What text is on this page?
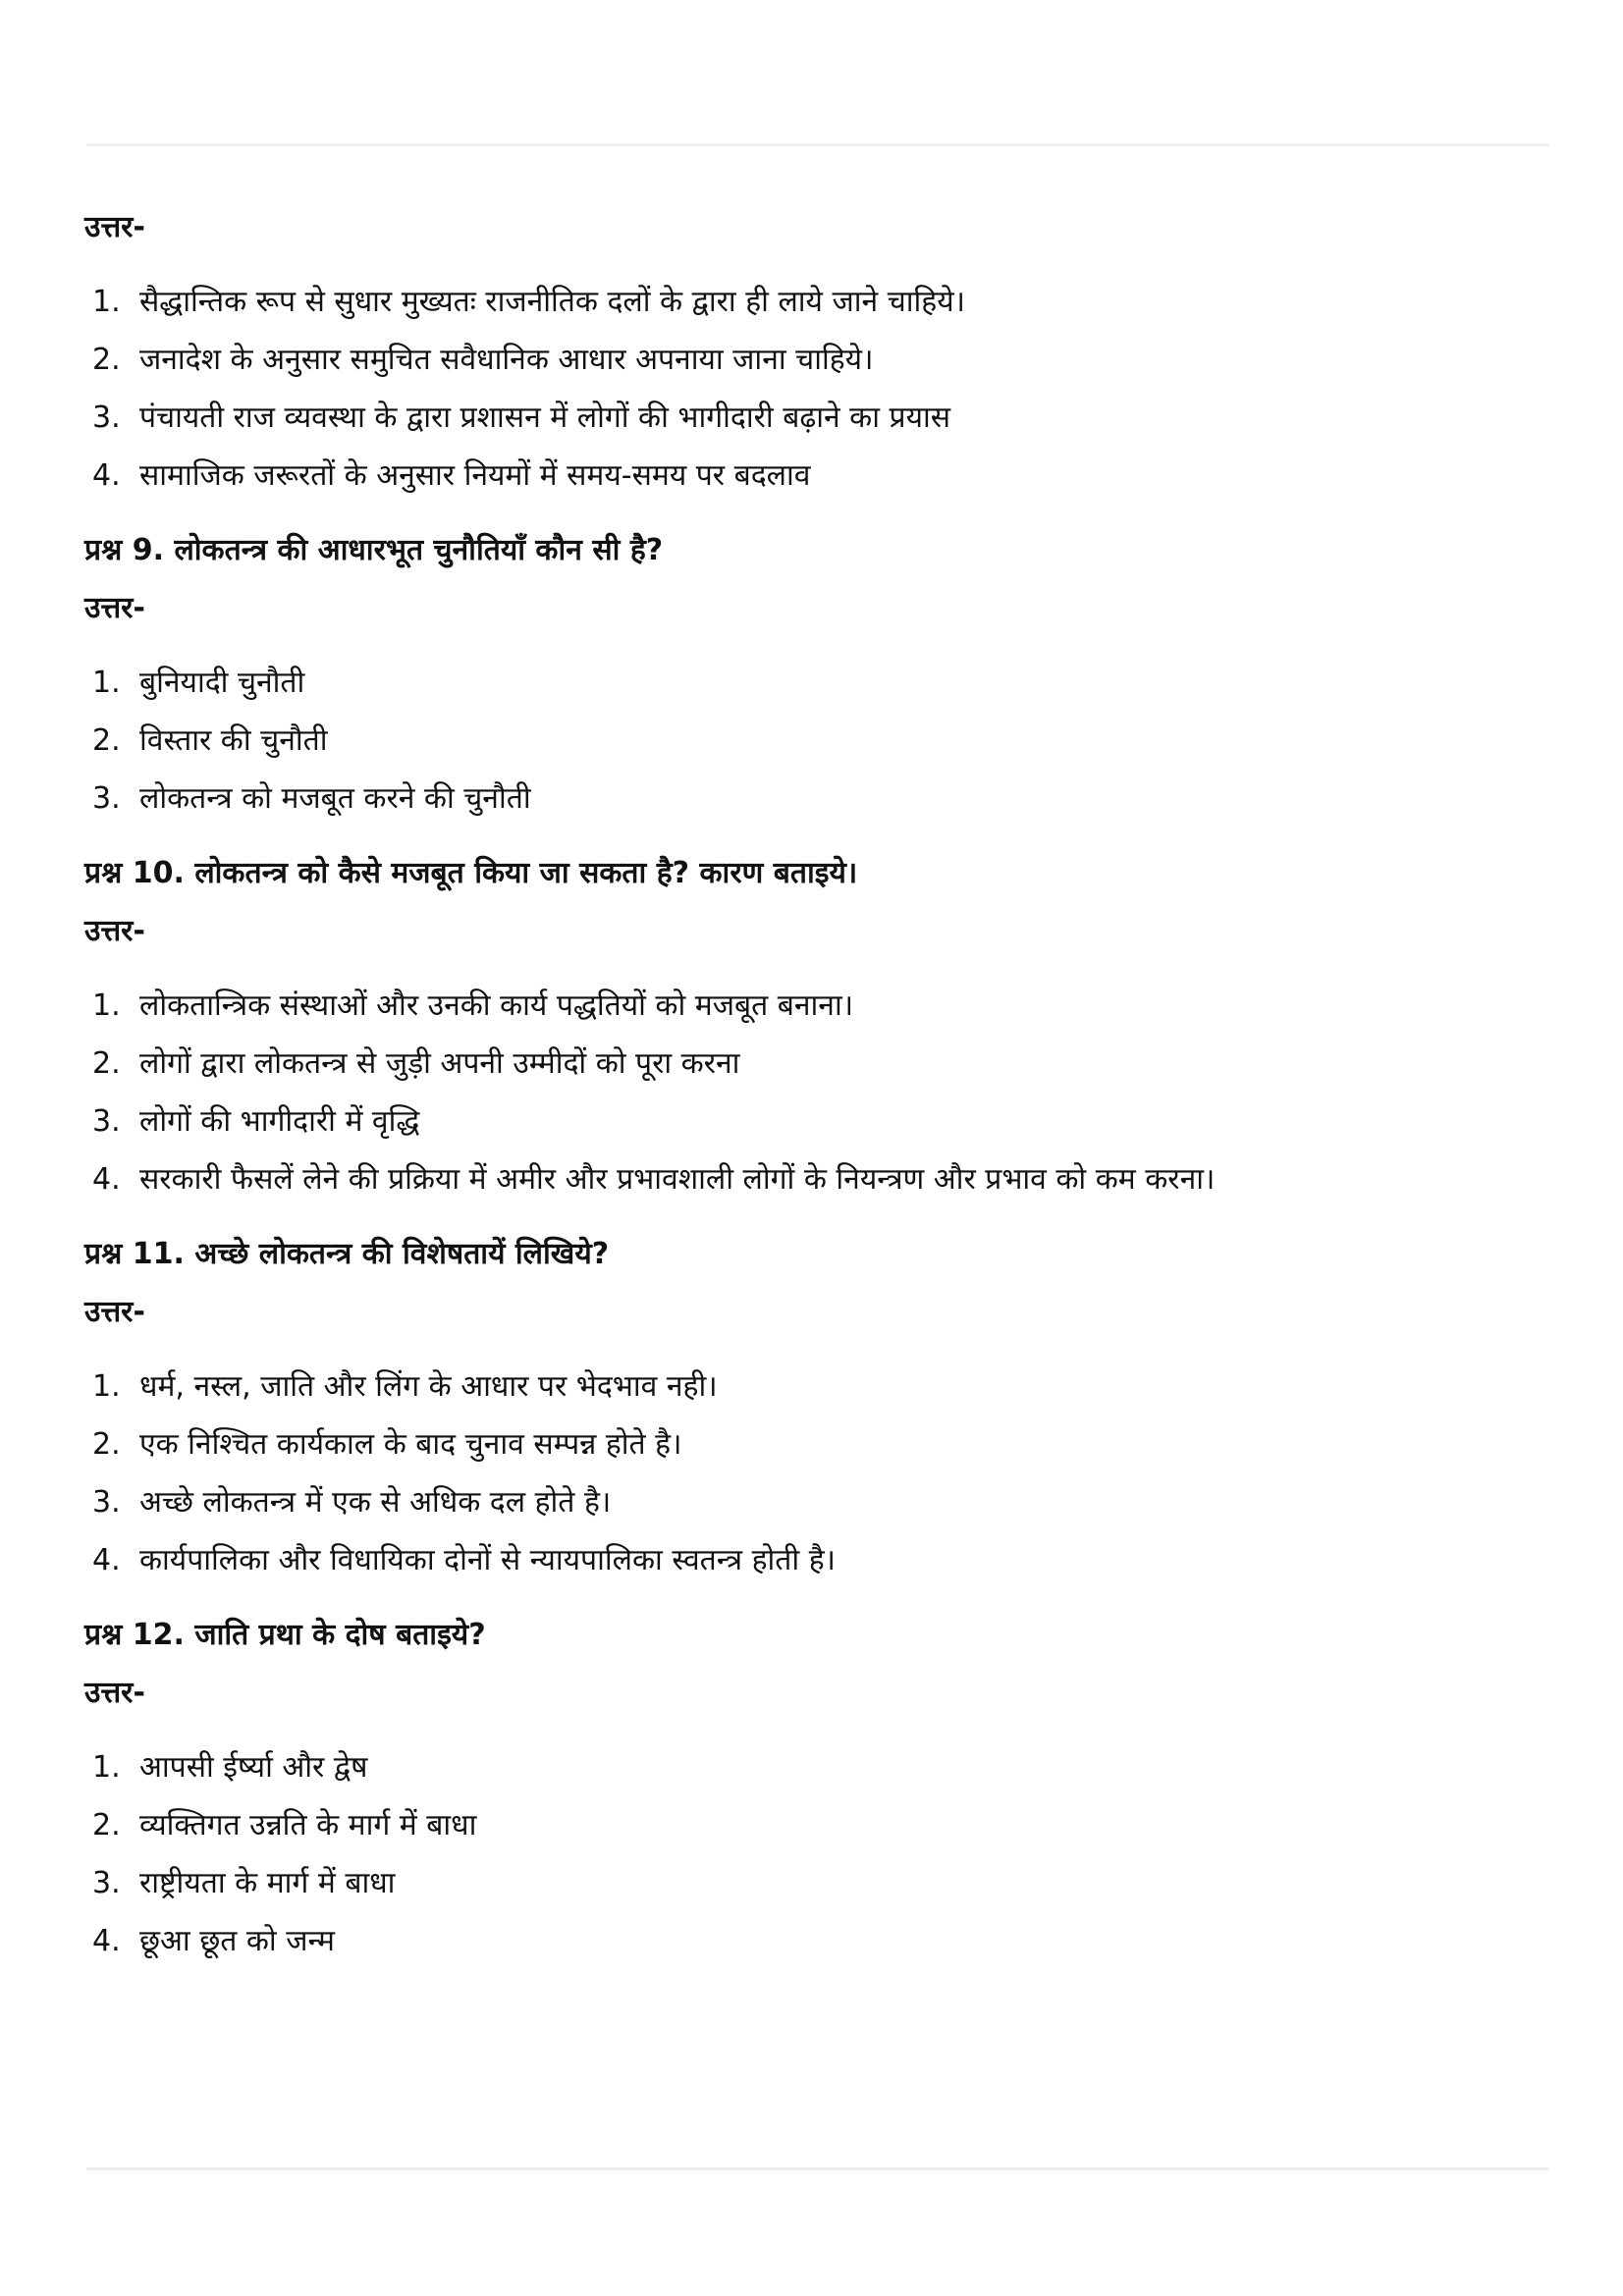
उत्तर-
1. सैद्धान्तिक रूप से सुधार मुख्यतः राजनीतिक दलों के द्वारा ही लाये जाने चाहिये।
2. जनादेश के अनुसार समुचित सवैधानिक आधार अपनाया जाना चाहिये।
3. पंचायती राज व्यवस्था के द्वारा प्रशासन में लोगों की भागीदारी बढ़ाने का प्रयास
4. सामाजिक जरूरतों के अनुसार नियमों में समय-समय पर बदलाव
प्रश्न 9. लोकतन्त्र की आधारभूत चुनौतियाँ कौन सी है?
उत्तर-
1. बुनियादी चुनौती
2. विस्तार की चुनौती
3. लोकतन्त्र को मजबूत करने की चुनौती
प्रश्न 10. लोकतन्त्र को कैसे मजबूत किया जा सकता है? कारण बताइये।
उत्तर-
1. लोकतान्त्रिक संस्थाओं और उनकी कार्य पद्धतियों को मजबूत बनाना।
2. लोगों द्वारा लोकतन्त्र से जुड़ी अपनी उम्मीदों को पूरा करना
3. लोगों की भागीदारी में वृद्धि
4. सरकारी फैसलें लेने की प्रक्रिया में अमीर और प्रभावशाली लोगों के नियन्त्रण और प्रभाव को कम करना।
प्रश्न 11. अच्छे लोकतन्त्र की विशेषतायें लिखिये?
उत्तर-
1. धर्म, नस्ल, जाति और लिंग के आधार पर भेदभाव नही।
2. एक निश्चित कार्यकाल के बाद चुनाव सम्पन्न होते है।
3. अच्छे लोकतन्त्र में एक से अधिक दल होते है।
4. कार्यपालिका और विधायिका दोनों से न्यायपालिका स्वतन्त्र होती है।
प्रश्न 12. जाति प्रथा के दोष बताइये?
उत्तर-
1. आपसी ईर्ष्या और द्वेष
2. व्यक्तिगत उन्नति के मार्ग में बाधा
3. राष्ट्रीयता के मार्ग में बाधा
4. छूआ छूत को जन्म
